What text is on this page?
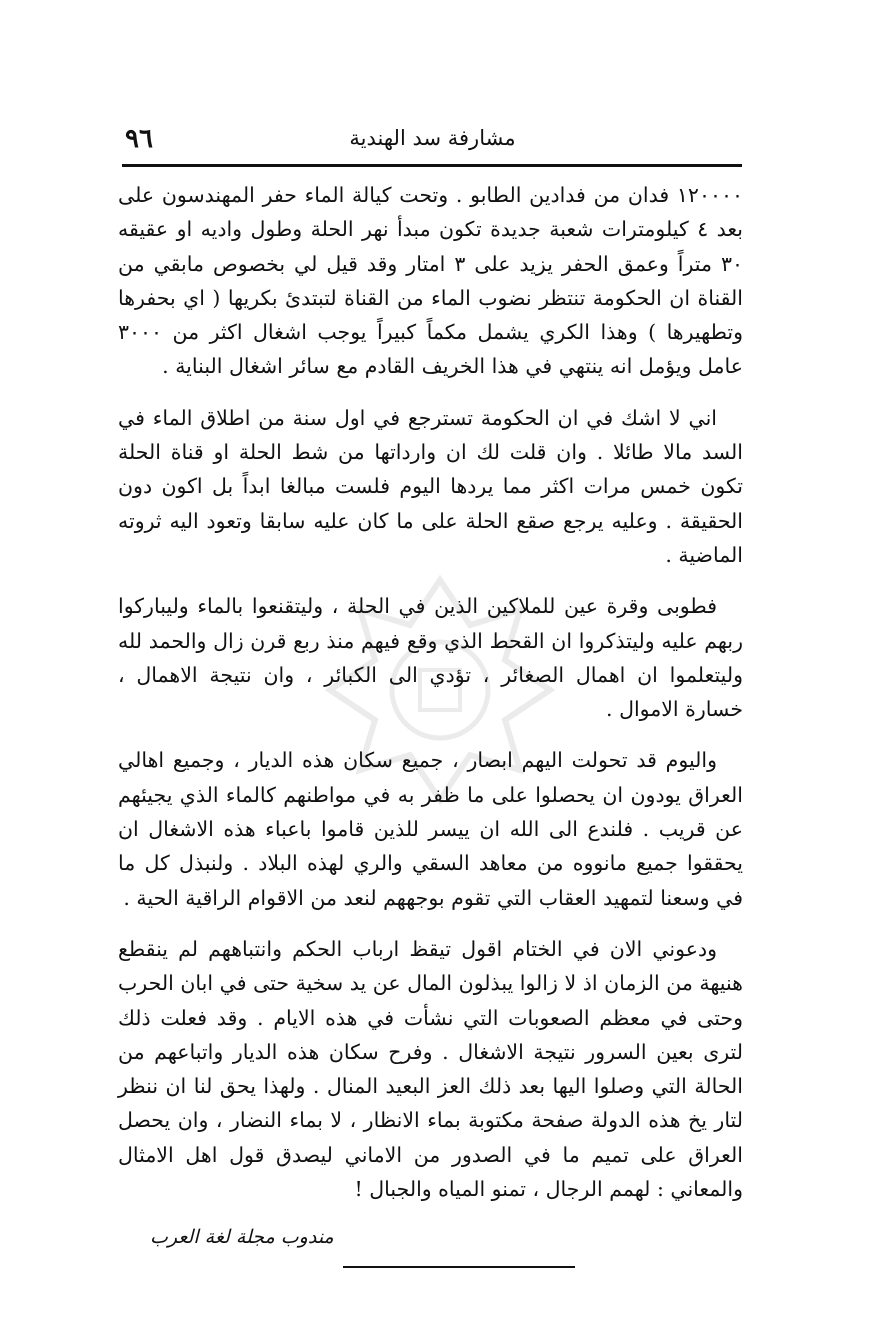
٩٦	مشارفة سد الهندية

١٢٠٠٠٠ فدان من فدادين الطابو . وتحت كيالة الماء حفر المهندسون على بعد ٤ كيلومترات شعبة جديدة تكون مبدأ نهر الحلة وطول واديه او عقيقه ٣٠ متراً وعمق الحفر يزيد على ٣ امتار وقد قيل لي بخصوص مابقي من القناة ان الحكومة تنتظر نضوب الماء من القناة لتبتدئ بكريها ( اي بحفرها وتطهيرها ) وهذا الكري يشمل مكماً كبيراً يوجب اشغال اكثر من ٣٠٠٠ عامل ويؤمل انه ينتهي في هذا الخريف القادم مع سائر اشغال البناية .

اني لا اشك في ان الحكومة تسترجع في اول سنة من اطلاق الماء في السد مالا طائلا . وان قلت لك ان وارداتها من شط الحلة او قناة الحلة تكون خمس مرات اكثر مما يردها اليوم فلست مبالغا ابداً بل اكون دون الحقيقة . وعليه يرجع صقع الحلة على ما كان عليه سابقا وتعود اليه ثروته الماضية .

فطوبى وقرة عين للملاكين الذين في الحلة ، وليتقنعوا بالماء وليباركوا ربهم عليه وليتذكروا ان القحط الذي وقع فيهم منذ ربع قرن زال والحمد لله وليتعلموا ان اهمال الصغائر ، تؤدي الى الكبائر ، وان نتيجة الاهمال ، خسارة الاموال .

واليوم قد تحولت اليهم ابصار ، جميع سكان هذه الديار ، وجميع اهالي العراق يودون ان يحصلوا على ما ظفر به في مواطنهم كالماء الذي يجيئهم عن قريب . فلندع الى الله ان ييسر للذين قاموا باعباء هذه الاشغال ان يحققوا جميع مانووه من معاهد السقي والري لهذه البلاد . ولنبذل كل ما في وسعنا لتمهيد العقاب التي تقوم بوجههم لنعد من الاقوام الراقية الحية .

ودعوني الان في الختام اقول تيقظ ارباب الحكم وانتباههم لم ينقطع هنيهة من الزمان اذ لا زالوا يبذلون المال عن يد سخية حتى في ابان الحرب وحتى في معظم الصعوبات التي نشأت في هذه الايام . وقد فعلت ذلك لترى بعين السرور نتيجة الاشغال . وفرح سكان هذه الديار واتباعهم من الحالة التي وصلوا اليها بعد ذلك العز البعيد المنال . ولهذا يحق لنا ان ننظر لتار يخ هذه الدولة صفحة مكتوبة بماء الانظار ، لا بماء النضار ، وان يحصل العراق على تميم ما في الصدور من الاماني ليصدق قول اهل الامثال والمعاني : لهمم الرجال ، تمنو المياه والجبال !

مندوب مجلة لغة العرب
